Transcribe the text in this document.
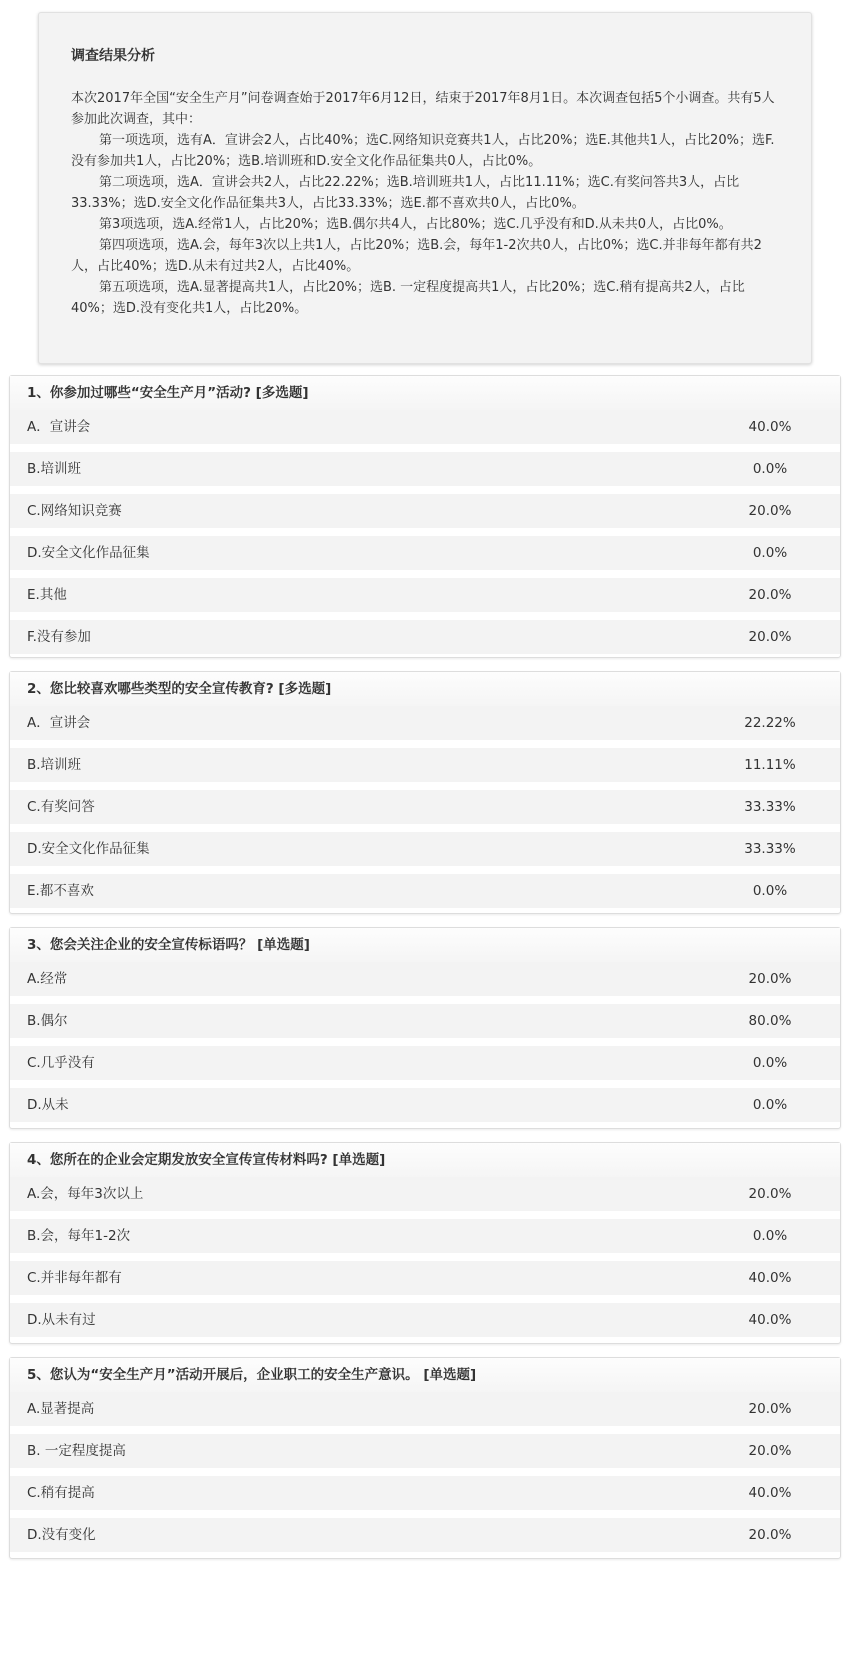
调查结果分析

本次2017年全国“安全生产月”问卷调查始于2017年6月12日，结束于2017年8月1日。本次调查包括5个小调查。共有5人参加此次调查，其中：

第一项选项，选有A．宣讲会2人，占比40%；选C.网络知识竞赛共1人，占比20%；选E.其他共1人，占比20%；选F.没有参加共1人，占比20%；选B.培训班和D.安全文化作品征集共0人，占比0%。

第二项选项，选A．宣讲会共2人，占比22.22%；选B.培训班共1人，占比11.11%；选C.有奖问答共3人，占比33.33%；选D.安全文化作品征集共3人，占比33.33%；选E.都不喜欢共0人，占比0%。

第3项选项，选A.经常1人，占比20%；选B.偶尔共4人，占比80%；选C.几乎没有和D.从未共0人，占比0%。

第四项选项，选A.会，每年3次以上共1人，占比20%；选B.会，每年1-2次共0人，占比0%；选C.并非每年都有共2人，占比40%；选D.从未有过共2人，占比40%。

第五项选项，选A.显著提高共1人，占比20%；选B. 一定程度提高共1人，占比20%；选C.稍有提高共2人，占比40%；选D.没有变化共1人，占比20%。

1、你参加过哪些“安全生产月”活动? [多选题]
A．宣讲会	40.0%
B.培训班	0.0%
C.网络知识竞赛	20.0%
D.安全文化作品征集	0.0%
E.其他	20.0%
F.没有参加	20.0%
2、您比较喜欢哪些类型的安全宣传教育? [多选题]
A．宣讲会	22.22%
B.培训班	11.11%
C.有奖问答	33.33%
D.安全文化作品征集	33.33%
E.都不喜欢	0.0%
3、您会关注企业的安全宣传标语吗？ [单选题]
A.经常	20.0%
B.偶尔	80.0%
C.几乎没有	0.0%
D.从未	0.0%
4、您所在的企业会定期发放安全宣传宣传材料吗? [单选题]
A.会，每年3次以上	20.0%
B.会，每年1-2次	0.0%
C.并非每年都有	40.0%
D.从未有过	40.0%
5、您认为“安全生产月”活动开展后，企业职工的安全生产意识。 [单选题]
A.显著提高	20.0%
B. 一定程度提高	20.0%
C.稍有提高	40.0%
D.没有变化	20.0%
